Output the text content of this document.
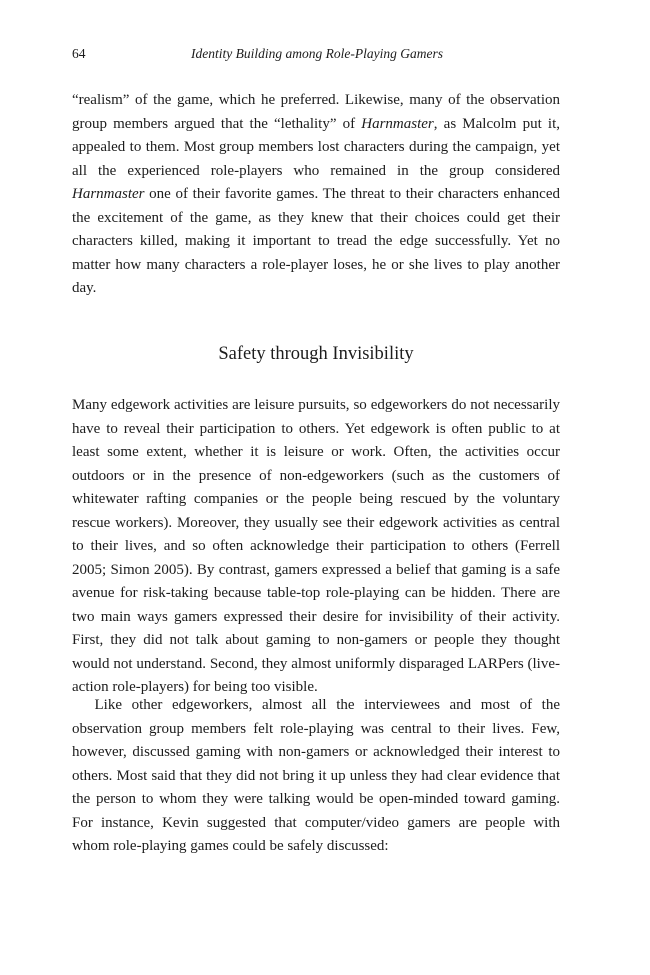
64	Identity Building among Role-Playing Gamers

“realism” of the game, which he preferred. Likewise, many of the observation group members argued that the “lethality” of Harnmaster, as Malcolm put it, appealed to them. Most group members lost characters during the campaign, yet all the experienced role-players who remained in the group considered Harnmaster one of their favorite games. The threat to their characters enhanced the excitement of the game, as they knew that their choices could get their characters killed, making it important to tread the edge successfully. Yet no matter how many characters a role-player loses, he or she lives to play another day.

Safety through Invisibility

Many edgework activities are leisure pursuits, so edgeworkers do not necessarily have to reveal their participation to others. Yet edgework is often public to at least some extent, whether it is leisure or work. Often, the activities occur outdoors or in the presence of non-edgeworkers (such as the customers of whitewater rafting companies or the people being rescued by the voluntary rescue workers). Moreover, they usually see their edgework activities as central to their lives, and so often acknowledge their participation to others (Ferrell 2005; Simon 2005). By contrast, gamers expressed a belief that gaming is a safe avenue for risk-taking because table-top role-playing can be hidden. There are two main ways gamers expressed their desire for invisibility of their activity. First, they did not talk about gaming to non-gamers or people they thought would not understand. Second, they almost uniformly disparaged LARPers (live-action role-players) for being too visible.

Like other edgeworkers, almost all the interviewees and most of the observation group members felt role-playing was central to their lives. Few, however, discussed gaming with non-gamers or acknowledged their interest to others. Most said that they did not bring it up unless they had clear evidence that the person to whom they were talking would be open-minded toward gaming. For instance, Kevin suggested that computer/video gamers are people with whom role-playing games could be safely discussed:
